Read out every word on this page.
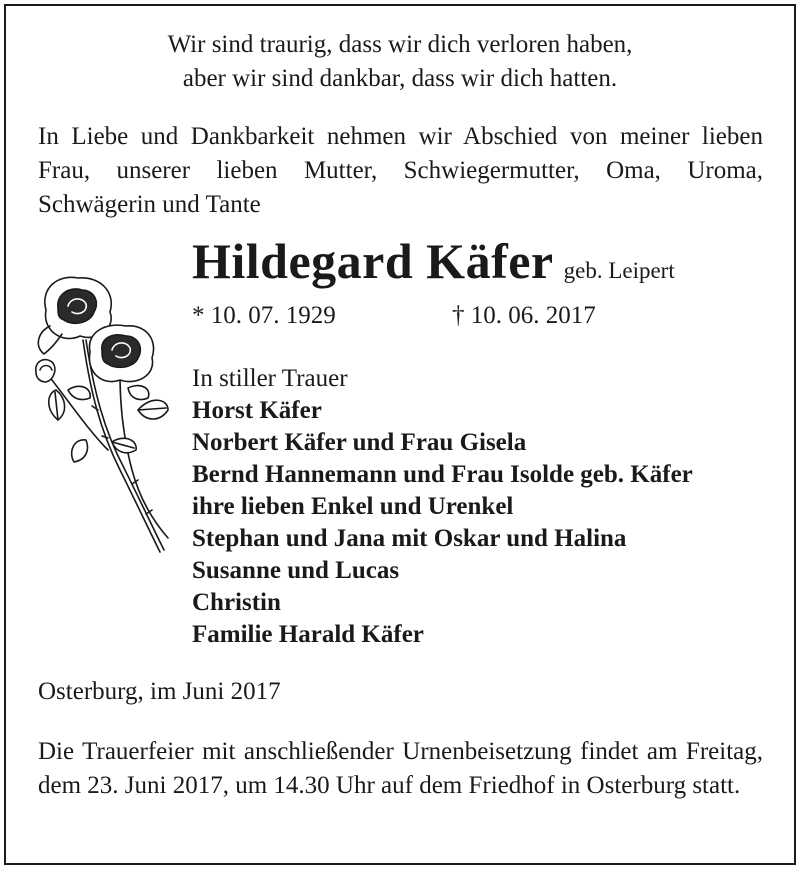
Wir sind traurig, dass wir dich verloren haben,
aber wir sind dankbar, dass wir dich hatten.
In Liebe und Dankbarkeit nehmen wir Abschied von meiner lieben Frau, unserer lieben Mutter, Schwiegermutter, Oma, Uroma, Schwägerin und Tante
Hildegard Käfer geb. Leipert
* 10. 07. 1929	† 10. 06. 2017
In stiller Trauer
Horst Käfer
Norbert Käfer und Frau Gisela
Bernd Hannemann und Frau Isolde geb. Käfer
ihre lieben Enkel und Urenkel
Stephan und Jana mit Oskar und Halina
Susanne und Lucas
Christin
Familie Harald Käfer
Osterburg, im Juni 2017
Die Trauerfeier mit anschließender Urnenbeisetzung findet am Freitag, dem 23. Juni 2017, um 14.30 Uhr auf dem Friedhof in Osterburg statt.
